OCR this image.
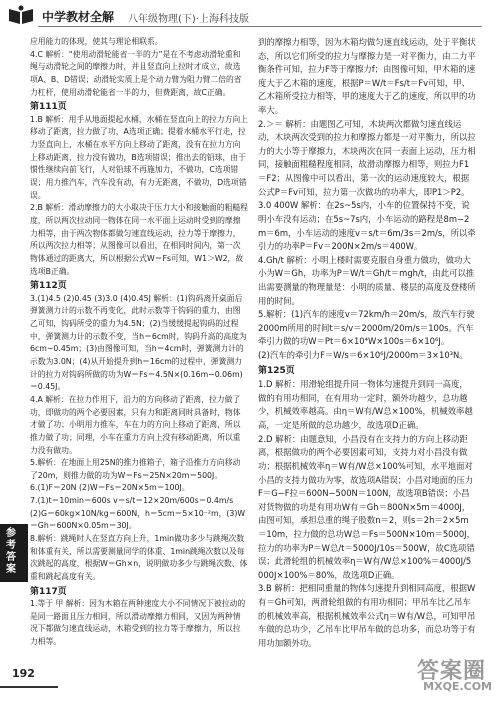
中学教材全解 八年级物理(下)·上海科技版

应用能力的体现，使其与理论相联系。

4.C 解析：“使用动滑轮能省一半的力”是在不考虑动滑轮重和绳与动滑轮之间的摩擦力时，并且竖直向上拉时才成立，故选项A、B、D错误；动滑轮实质上是个动力臂为阻力臂二倍的省力杠杆，使用动滑轮能省一半的力，但费距离，故C正确。

第111页

1.B 解析：用手从地面提起水桶，水桶在竖直向上的拉力方向上移动了距离，拉力做了功，A选项正确；提着水桶水平行走，拉力竖直向上，水桶在水平方向上移动了距离，没有在拉力方向上移动距离，拉力没有做功，B选项错误；推出去的铅球，由于惯性继续向前飞行，人对铅球不再施加力，不做功，C选项错误；用力推汽车，汽车没有动，有力无距离，不做功，D选项错误。

2.B 解析：滑动摩擦力的大小取决于压力大小和接触面的粗糙程度，所以两次拉动同一物体在同一水平面上运动时受到的摩擦力相等，由于两次物体都做匀速直线运动，拉力等于摩擦力，所以两次拉力相等；从图像可以看出，在相同时间内，第一次物体通过的距离大，所以根据公式W＝Fs可知，W1＞W2，故选项B正确。

第112页

3.(1)4.5 (2)0.45 (3)3.0 (4)0.45J 解析：(1)钩码离开桌面后弹簧测力计的示数不再变化，此时示数等于钩码的重力，由图乙可知，钩码所受的重力为4.5N；(2)当缓缓提起钩码的过程中，弹簧测力计的示数不变，当h＝6cm时，钩码升高的高度为6cm−0.45m；(3)由图像可知，当h＝4cm时，弹簧测力计的示数为3.0N；(4)从开始提升到h＝16cm的过程中，弹簧测力计的拉力对钩码所做的功为W＝Fs＝4.5N×(0.16m−0.06m)＝0.45J。

4.A 解析：在拉力作用下，沿力的方向移动了距离，拉力做了功，即做功的两个必要因素，只有力和距离同时具备时，物体才做了功；小明用力推车，车在力的方向上移动了距离，所以推力做了功；同理，小车在重力方向上没有移动距离，所以重力没有做功。

5.解析：在地面上用25N的推力推箱子，箱子沿推力方向移动了20m，则推力做的功为W＝Fs＝25N×20m＝500J。

6.(1)F＝20N (2)W＝Fs＝20N×5m＝100J。

7.(1)t＝10min＝600s v＝s/t＝12×20m/600s＝0.4m/s

(2)G＝60kg×10N/kg＝600N，h＝5cm＝5×10⁻²m，(3)W＝Gh＝600N×0.05m＝30J。

8.解析：跳绳时人在竖直方向上升，1min做功多少与跳绳次数和体重有关，所以需要测量同学的体重、1min跳绳次数以及每次跳起的高度，根据W＝Gh×n，说明做功多少与跳绳次数、体重和跳起高度有关。

第117页

1.等于 甲 解析：因为木箱在两种速度大小不同情况下被拉动的是同一路面且压力相同，所以滑动摩擦力相同，又因为两种情况下都做匀速直线运动，木箱受到的拉力等于摩擦力，所以拉力相等。

到的摩擦力相等，因为木箱均做匀速直线运动，处于平衡状态，所以它们所受的拉力与摩擦力是一对平衡力，由二力平衡条件可知，拉力F等于摩擦力f；由图像可知，甲木箱的速度大于乙木箱的速度，根据P＝W/t＝Fs/t＝Fv可知，甲、乙木箱所受拉力相等，甲的速度大于乙的速度，所以甲的功率大。

2.＞＝ 解析：由题图乙可知，木块两次都做匀速直线运动，木块两次受到的拉力和摩擦力都是一对平衡力，所以拉力的大小等于摩擦力，木块两次在同一表面上运动，压力相同，接触面粗糙程度相同，故滑动摩擦力相等，则拉力F1＝F2；从图像中可以看出，第一次的运动速度较大，根据公式P＝Fv可知，拉力第一次做功的功率大，即P1＞P2。

3.0 400W 解析：在2s~5s内，小车的位置保持不变，说明小车没有运动；在5s~7s内，小车运动的路程是8m−2m＝6m，小车运动的速度v＝s/t＝6m/3s＝2m/s，所以牵引力的功率P＝Fv＝200N×2m/s＝400W。

4.Gh/t 解析：小明上楼时需要克服自身重力做功，做功大小为W＝Gh，功率为P＝W/t＝Gh/t＝mgh/t，由此可以推出需要测量的物理量是：小明的质量、楼层的高度及登楼所用的时间。

5.解析：(1)汽车的速度v＝72km/h＝20m/s，故汽车行驶2000m所用的时间t＝s/v＝2000m/20m/s＝100s。汽车牵引力做的功W＝Pt＝6×10⁴W×100s＝6×10⁶J。

(2)汽车的牵引力F＝W/s＝6×10⁶J/2000m＝3×10³N。

第125页

1.D 解析：用滑轮组提升同一物体匀速提升到同一高度，做的有用功相同，在有用功一定时，额外功越少，总功越少，机械效率越高。由η＝W有/W总×100%，机械效率越高，一定是所做的总功越少，故选项D正确。

2.D 解析：由题意知，小昌没有在支持力的方向上移动距离，根据做功的两个必要因素可知，支持力对小昌没有做功；根据机械效率η＝W有/W总×100%可知，水平地面对小昌的支持力做功为零，故选项A错误；小昌对地面的压力F＝G−F拉＝600N−500N＝100N，故选项B错误；小昌对货物做的功是有用功W有＝Gh＝800N×5m＝4000J，由图可知，承担总重的绳子股数n＝2，则s＝2h＝2×5m＝10m，拉力做的总功W总＝Fs＝500N×10m＝5000J，拉力的功率为P＝W总/t＝5000J/10s＝500W，故C选项错误；此滑轮组的机械效率η＝W有/W总×100%＝4000J/5000J×100%＝80%，故选项D正确。

3.B 解析：把相同重量的物体匀速提升到相同高度，根据W有＝Gh可知，两滑轮组做的有用功相同；甲吊车比乙吊车的机械效率高，根据机械效率公式η＝W有/W总，可知甲吊车做的总功少，乙吊车比甲吊车做的总功多，而总功等于有用功加额外功。

参考答案
192	答案圈
MXQE.COM
